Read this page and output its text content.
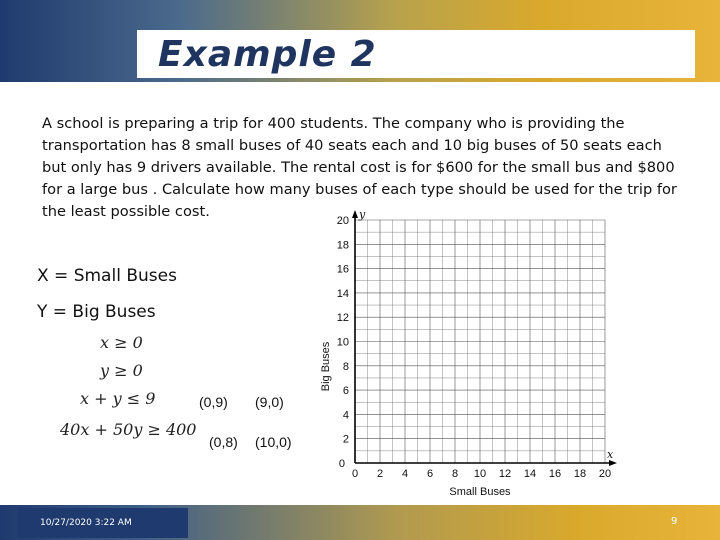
Example 2
A school is preparing a trip for 400 students. The company who is providing the transportation has 8 small buses of 40 seats each and 10 big buses of 50 seats each but only has 9 drivers available. The rental cost is for $600 for the small bus and $800 for a large bus . Calculate how many buses of each type should be used for the trip for the least possible cost.
X = Small Buses
Y = Big Buses
x ≥ 0
y ≥ 0
x + y ≤ 9
40x + 50y ≥ 400
(0,9) (9,0)
(0,8) (10,0)
0 2 4 6 8 10 12 14 16 18 20
2
4
6
8
10
12
14
16
18
20
0
x
y
Small Buses
Big Buses
10/27/2020 3:22 AM	9
